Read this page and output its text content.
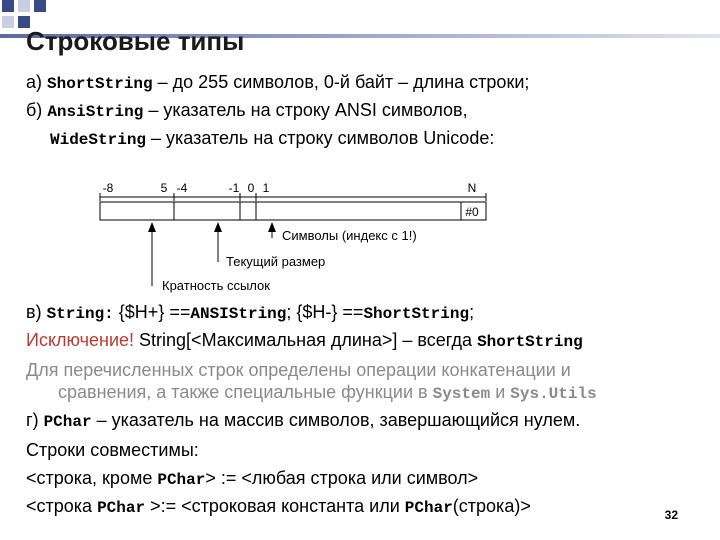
Строковые типы
а) ShortString – до 255 символов, 0-й байт – длина строки;
б) AnsiString – указатель на строку ANSI символов,
WideString – указатель на строку символов Unicode:
-8	5 -4	-1 0 1	N
#0
Символы (индекс с 1!)
Текущий размер
Кратность ссылок
в) String: {$H+} ==ANSIString; {$H-} ==ShortString;
Исключение! String[<Максимальная длина>] – всегда ShortString
Для перечисленных строк определены операции конкатенации и
сравнения, а также специальные функции в System и Sys.Utils
г) PChar – указатель на массив символов, завершающийся нулем.
Строки совместимы:
<строка, кроме PChar> := <любая строка или символ>
<строка PChar >:= <строковая константа или PChar(строка)>	32
